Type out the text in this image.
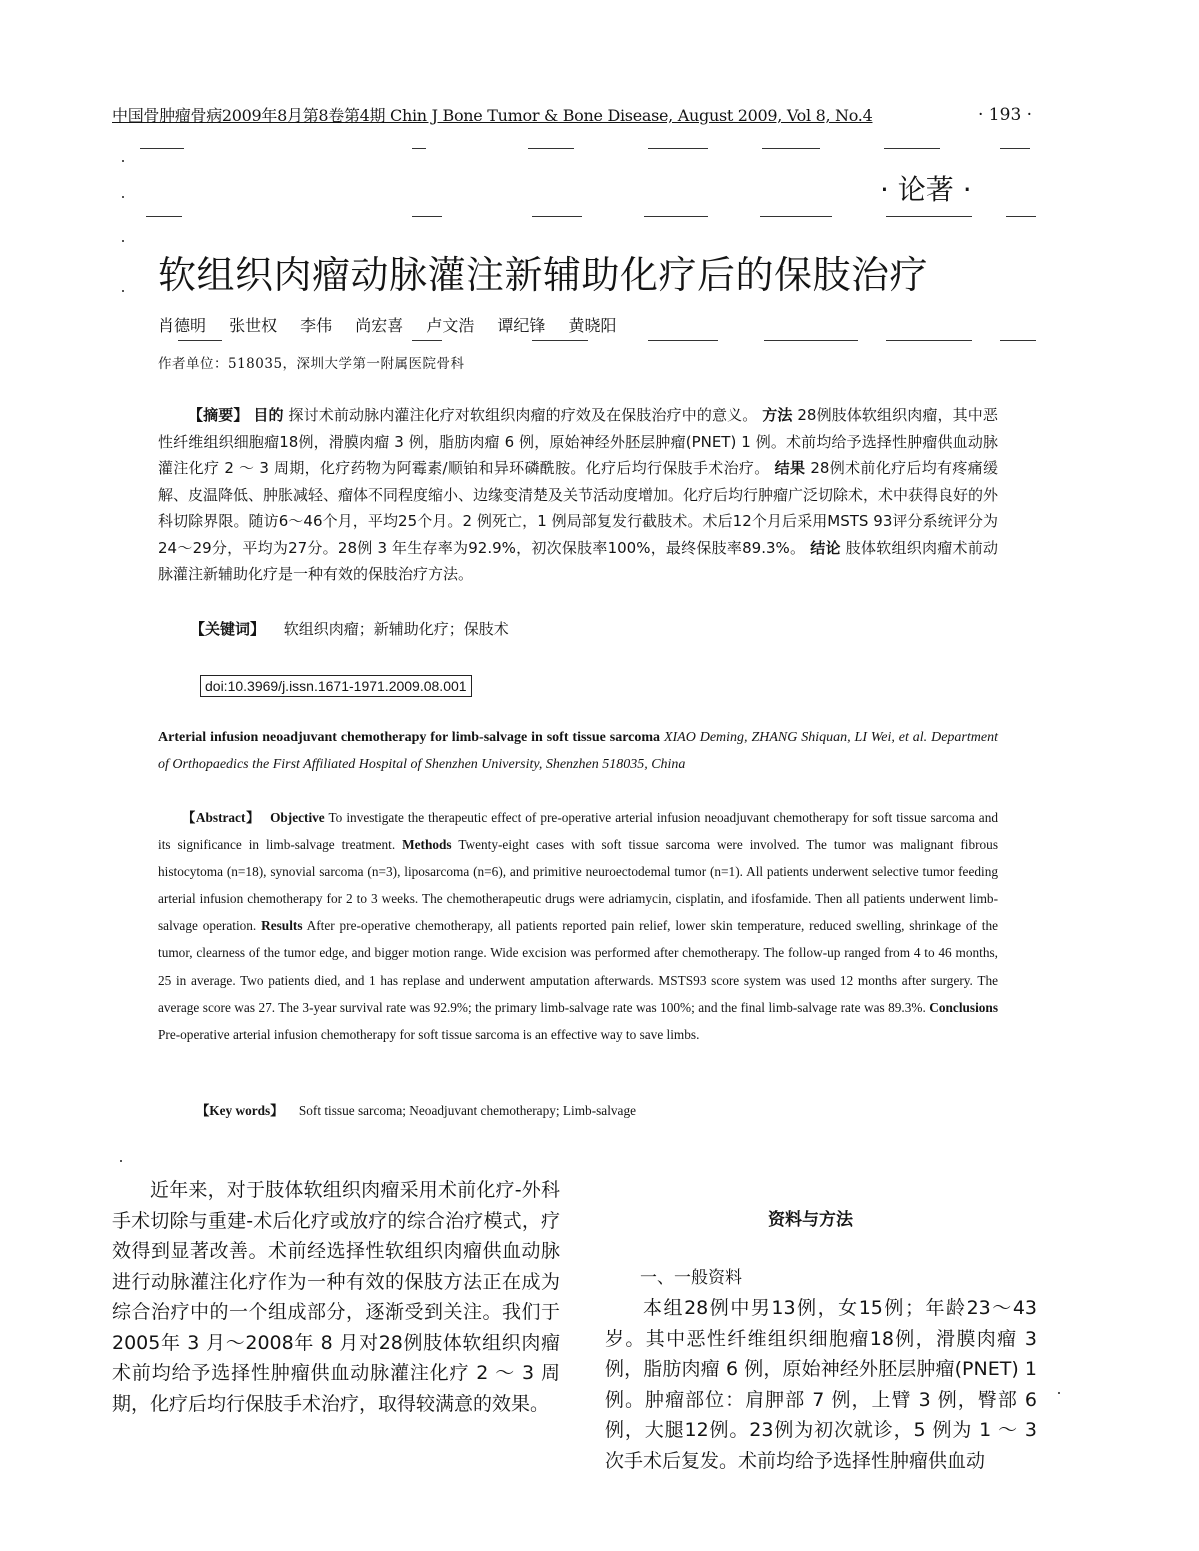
中国骨肿瘤骨病2009年8月第8卷第4期 Chin J Bone Tumor & Bone Disease, August 2009, Vol 8, No.4	· 193 ·
· 论著 ·
软组织肉瘤动脉灌注新辅助化疗后的保肢治疗
肖德明 张世权 李伟 尚宏喜 卢文浩 谭纪锋 黄晓阳
作者单位：518035，深圳大学第一附属医院骨科
【摘要】 目的 探讨术前动脉内灌注化疗对软组织肉瘤的疗效及在保肢治疗中的意义。 方法 28例肢体软组织肉瘤，其中恶性纤维组织细胞瘤18例，滑膜肉瘤 3 例，脂肪肉瘤 6 例，原始神经外胚层肿瘤(PNET) 1 例。术前均给予选择性肿瘤供血动脉灌注化疗 2 ～ 3 周期，化疗药物为阿霉素/顺铂和异环磷酰胺。化疗后均行保肢手术治疗。 结果 28例术前化疗后均有疼痛缓解、皮温降低、肿胀减轻、瘤体不同程度缩小、边缘变清楚及关节活动度增加。化疗后均行肿瘤广泛切除术，术中获得良好的外科切除界限。随访6～46个月，平均25个月。2 例死亡，1 例局部复发行截肢术。术后12个月后采用MSTS 93评分系统评分为24～29分，平均为27分。28例 3 年生存率为92.9%，初次保肢率100%，最终保肢率89.3%。 结论 肢体软组织肉瘤术前动脉灌注新辅助化疗是一种有效的保肢治疗方法。
【关键词】 软组织肉瘤；新辅助化疗；保肢术
doi:10.3969/j.issn.1671-1971.2009.08.001
Arterial infusion neoadjuvant chemotherapy for limb-salvage in soft tissue sarcoma XIAO Deming, ZHANG Shiquan, LI Wei, et al. Department of Orthopaedics the First Affiliated Hospital of Shenzhen University, Shenzhen 518035, China
【Abstract】 Objective To investigate the therapeutic effect of pre-operative arterial infusion neoadjuvant chemotherapy for soft tissue sarcoma and its significance in limb-salvage treatment. Methods Twenty-eight cases with soft tissue sarcoma were involved. The tumor was malignant fibrous histocytoma (n=18), synovial sarcoma (n=3), liposarcoma (n=6), and primitive neuroectodemal tumor (n=1). All patients underwent selective tumor feeding arterial infusion chemotherapy for 2 to 3 weeks. The chemotherapeutic drugs were adriamycin, cisplatin, and ifosfamide. Then all patients underwent limb-salvage operation. Results After pre-operative chemotherapy, all patients reported pain relief, lower skin temperature, reduced swelling, shrinkage of the tumor, clearness of the tumor edge, and bigger motion range. Wide excision was performed after chemotherapy. The follow-up ranged from 4 to 46 months, 25 in average. Two patients died, and 1 has replase and underwent amputation afterwards. MSTS93 score system was used 12 months after surgery. The average score was 27. The 3-year survival rate was 92.9%; the primary limb-salvage rate was 100%; and the final limb-salvage rate was 89.3%. Conclusions Pre-operative arterial infusion chemotherapy for soft tissue sarcoma is an effective way to save limbs.
【Key words】 Soft tissue sarcoma; Neoadjuvant chemotherapy; Limb-salvage
近年来，对于肢体软组织肉瘤采用术前化疗-外科手术切除与重建-术后化疗或放疗的综合治疗模式，疗效得到显著改善。术前经选择性软组织肉瘤供血动脉进行动脉灌注化疗作为一种有效的保肢方法正在成为综合治疗中的一个组成部分，逐渐受到关注。我们于2005年 3 月～2008年 8 月对28例肢体软组织肉瘤术前均给予选择性肿瘤供血动脉灌注化疗 2 ～ 3 周期，化疗后均行保肢手术治疗，取得较满意的效果。
资料与方法
一、一般资料
本组28例中男13例，女15例；年龄23～43岁。其中恶性纤维组织细胞瘤18例，滑膜肉瘤 3 例，脂肪肉瘤 6 例，原始神经外胚层肿瘤(PNET) 1 例。肿瘤部位：肩胛部 7 例，上臂 3 例，臀部 6 例，大腿12例。23例为初次就诊，5 例为 1 ～ 3 次手术后复发。术前均给予选择性肿瘤供血动
